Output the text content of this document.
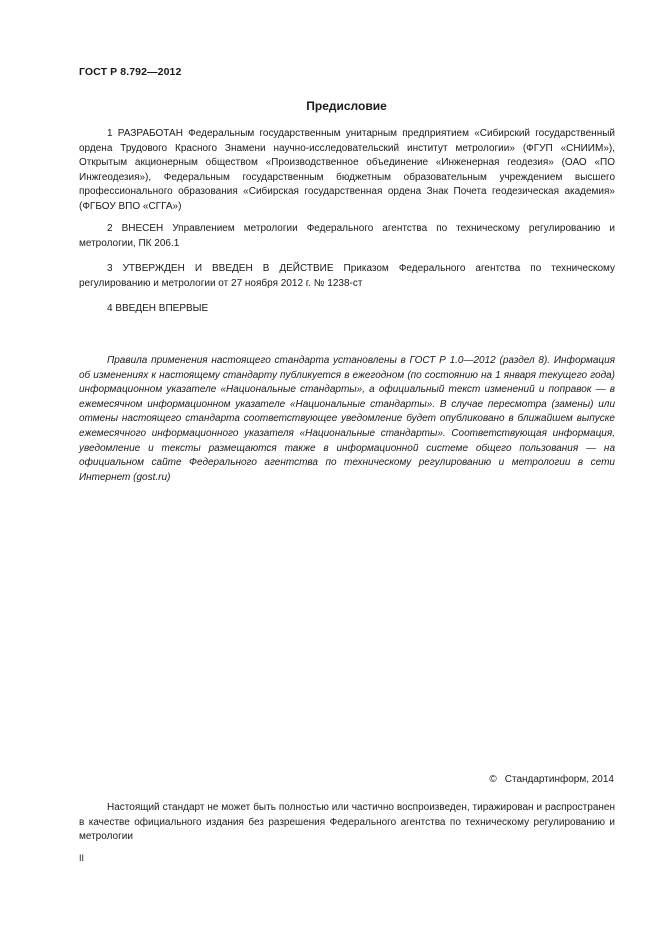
ГОСТ Р 8.792—2012
Предисловие
1 РАЗРАБОТАН Федеральным государственным унитарным предприятием «Сибирский государственный ордена Трудового Красного Знамени научно-исследовательский институт метрологии» (ФГУП «СНИИМ»), Открытым акционерным обществом «Производственное объединение «Инженерная геодезия» (ОАО «ПО Инжгеодезия»), Федеральным государственным бюджетным образовательным учреждением высшего профессионального образования «Сибирская государственная ордена Знак Почета геодезическая академия» (ФГБОУ ВПО «СГГА»)
2 ВНЕСЕН Управлением метрологии Федерального агентства по техническому регулированию и метрологии, ПК 206.1
3 УТВЕРЖДЕН И ВВЕДЕН В ДЕЙСТВИЕ Приказом Федерального агентства по техническому регулированию и метрологии от 27 ноября 2012 г. № 1238-ст
4 ВВЕДЕН ВПЕРВЫЕ
Правила применения настоящего стандарта установлены в ГОСТ Р 1.0—2012 (раздел 8). Информация об изменениях к настоящему стандарту публикуется в ежегодном (по состоянию на 1 января текущего года) информационном указателе «Национальные стандарты», а официальный текст изменений и поправок — в ежемесячном информационном указателе «Национальные стандарты». В случае пересмотра (замены) или отмены настоящего стандарта соответствующее уведомление будет опубликовано в ближайшем выпуске ежемесячного информационного указателя «Национальные стандарты». Соответствующая информация, уведомление и тексты размещаются также в информационной системе общего пользования — на официальном сайте Федерального агентства по техническому регулированию и метрологии в сети Интернет (gost.ru)
© Стандартинформ, 2014
Настоящий стандарт не может быть полностью или частично воспроизведен, тиражирован и распространен в качестве официального издания без разрешения Федерального агентства по техническому регулированию и метрологии
II
